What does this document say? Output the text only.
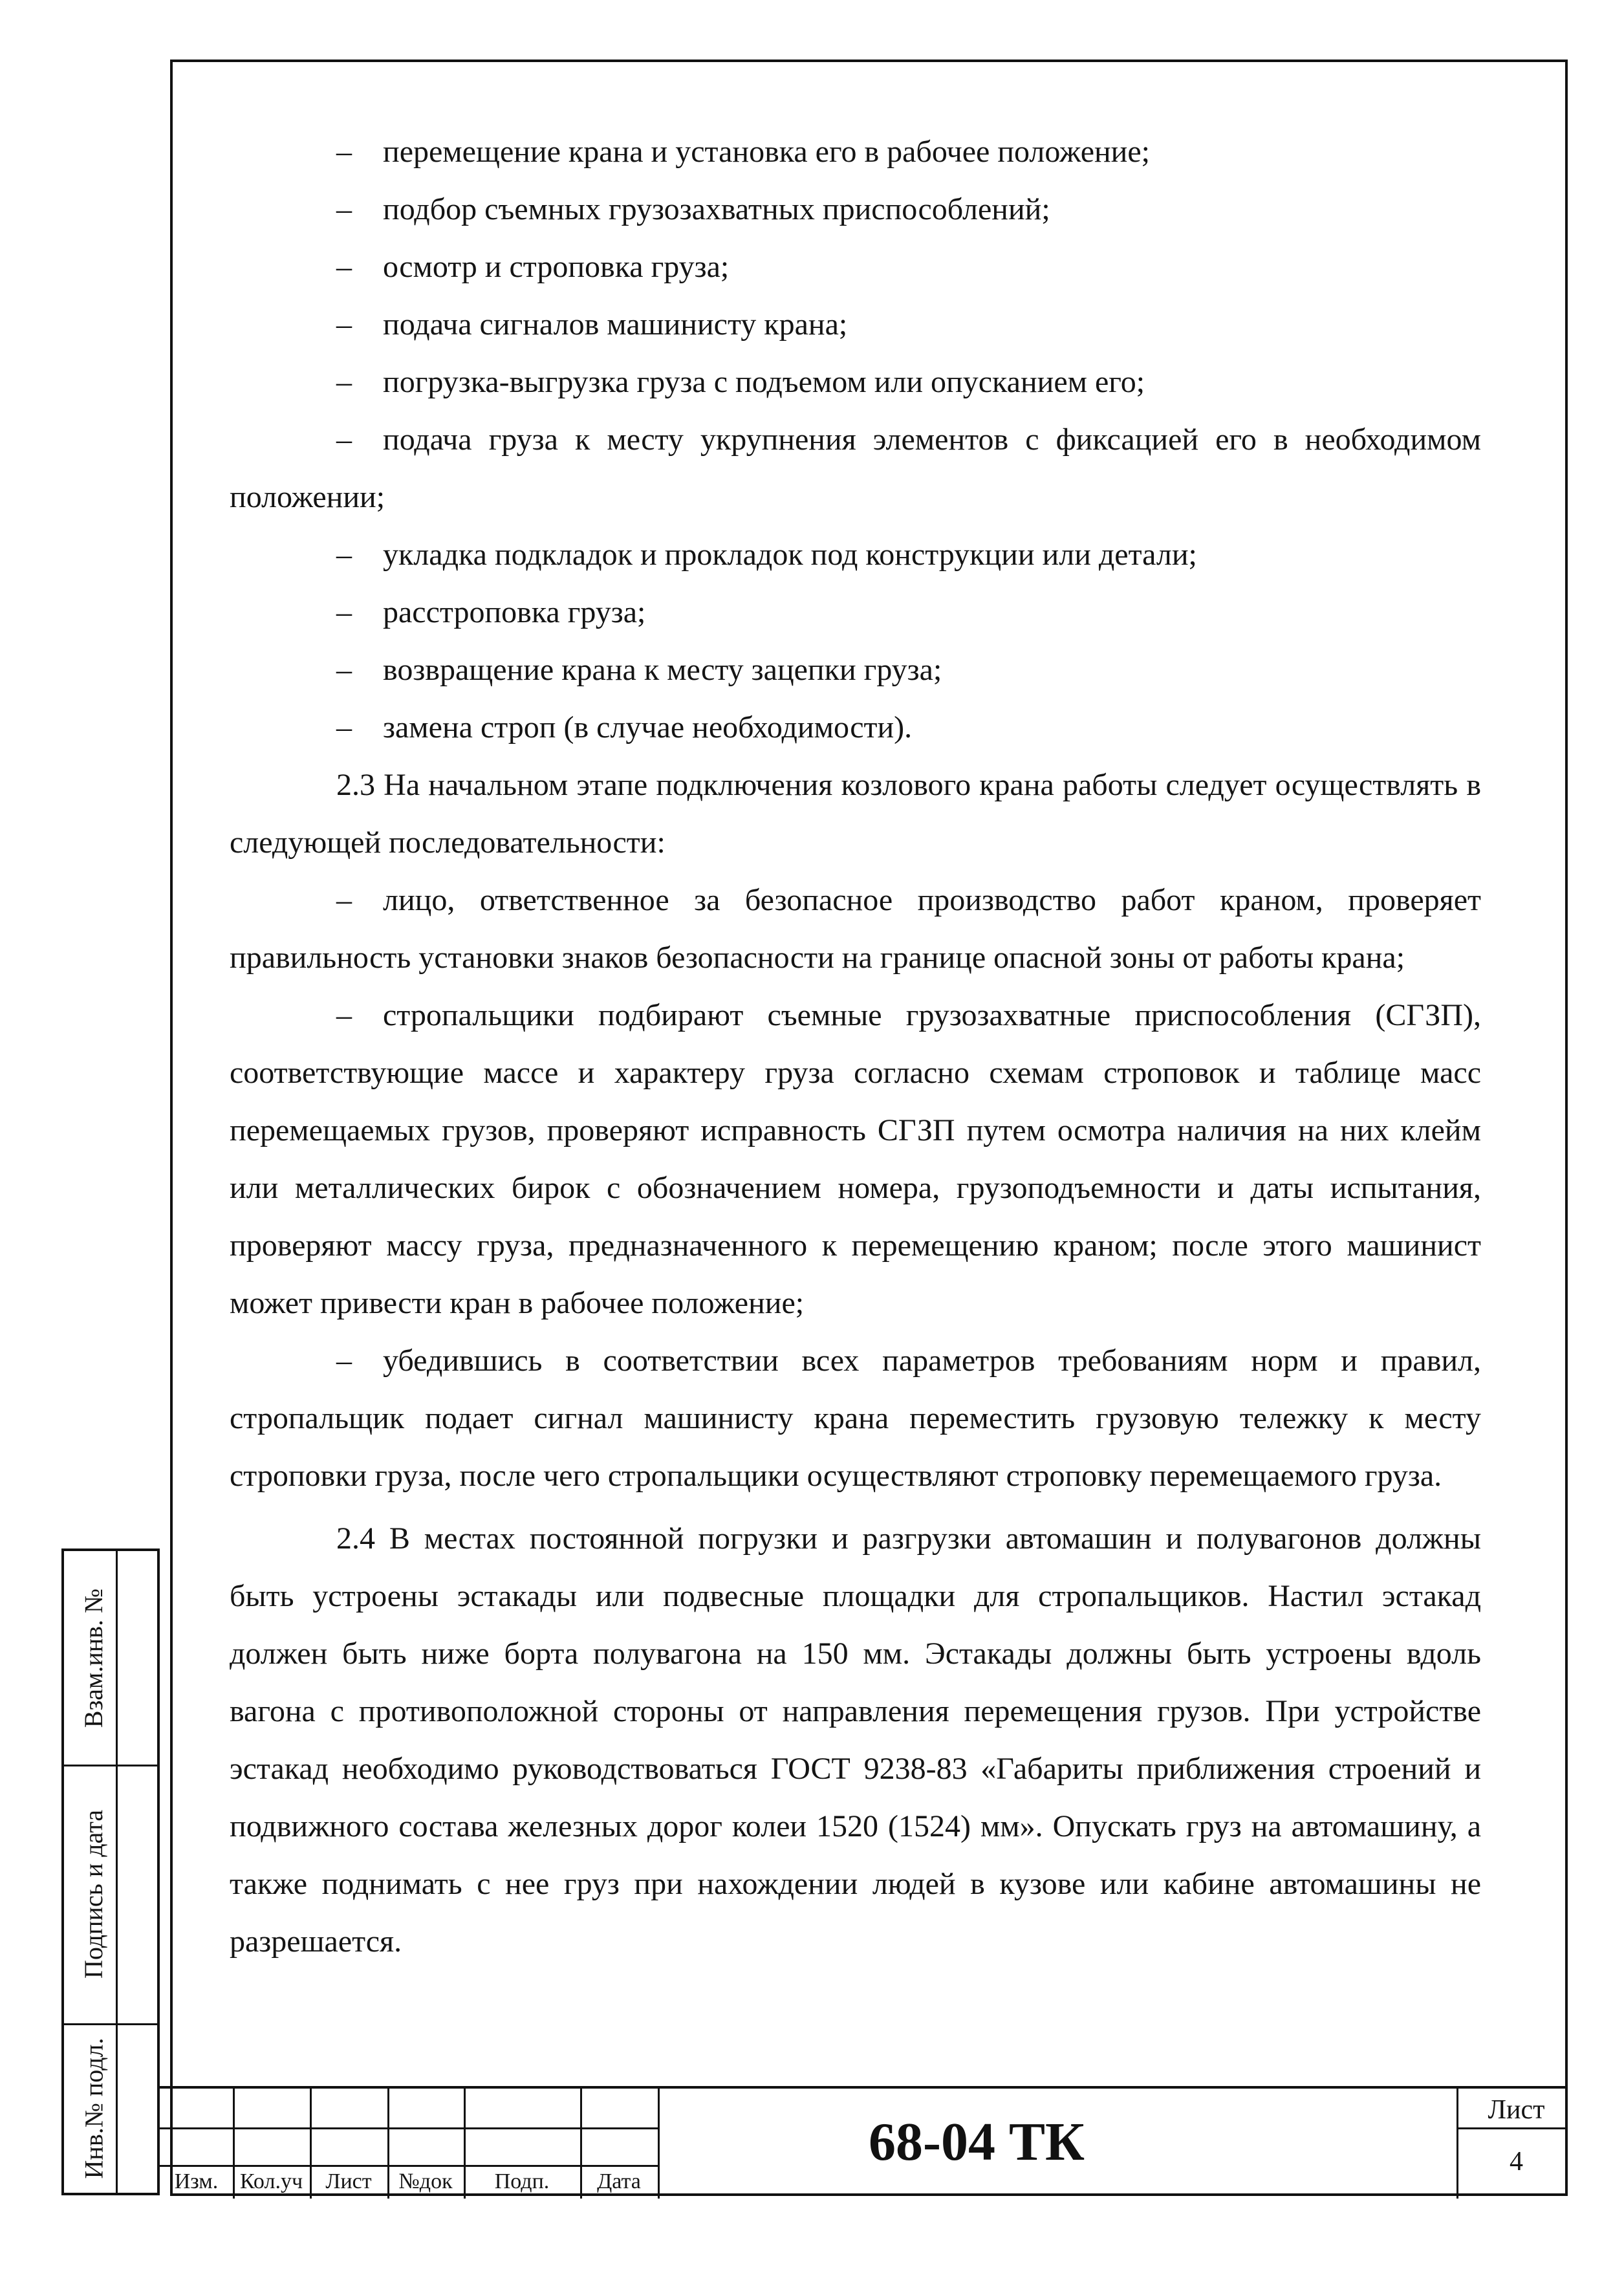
– перемещение крана и установка его в рабочее положение;

– подбор съемных грузозахватных приспособлений;

– осмотр и строповка груза;

– подача сигналов машинисту крана;

– погрузка-выгрузка груза с подъемом или опусканием его;

– подача груза к месту укрупнения элементов с фиксацией его в необходимом положении;

– укладка подкладок и прокладок под конструкции или детали;

– расстроповка груза;

– возвращение крана к месту зацепки груза;

– замена строп (в случае необходимости).

2.3 На начальном этапе подключения козлового крана работы следует осуществлять в следующей последовательности:

– лицо, ответственное за безопасное производство работ краном, проверяет правильность установки знаков безопасности на границе опасной зоны от работы крана;

– стропальщики подбирают съемные грузозахватные приспособления (СГЗП), соответствующие массе и характеру груза согласно схемам строповок и таблице масс перемещаемых грузов, проверяют исправность СГЗП путем осмотра наличия на них клейм или металлических бирок с обозначением номера, грузоподъемности и даты испытания, проверяют массу груза, предназначенного к перемещению краном; после этого машинист может привести кран в рабочее положение;

– убедившись в соответствии всех параметров требованиям норм и правил, стропальщик подает сигнал машинисту крана переместить грузовую тележку к месту строповки груза, после чего стропальщики осуществляют строповку перемещаемого груза.

2.4 В местах постоянной погрузки и разгрузки автомашин и полувагонов должны быть устроены эстакады или подвесные площадки для стропальщиков. Настил эстакад должен быть ниже борта полувагона на 150 мм. Эстакады должны быть устроены вдоль вагона с противоположной стороны от направления перемещения грузов. При устройстве эстакад необходимо руководствоваться ГОСТ 9238-83 «Габариты приближения строений и подвижного состава железных дорог колеи 1520 (1524) мм». Опускать груз на автомашину, а также поднимать с нее груз при нахождении людей в кузове или кабине автомашины не разрешается.

Взам.инв. №
Подпись и дата
Инв.№ подл.
Изм. Кол.уч	Лист	№док	Подп.	Дата
68-04 ТК
Лист
4
